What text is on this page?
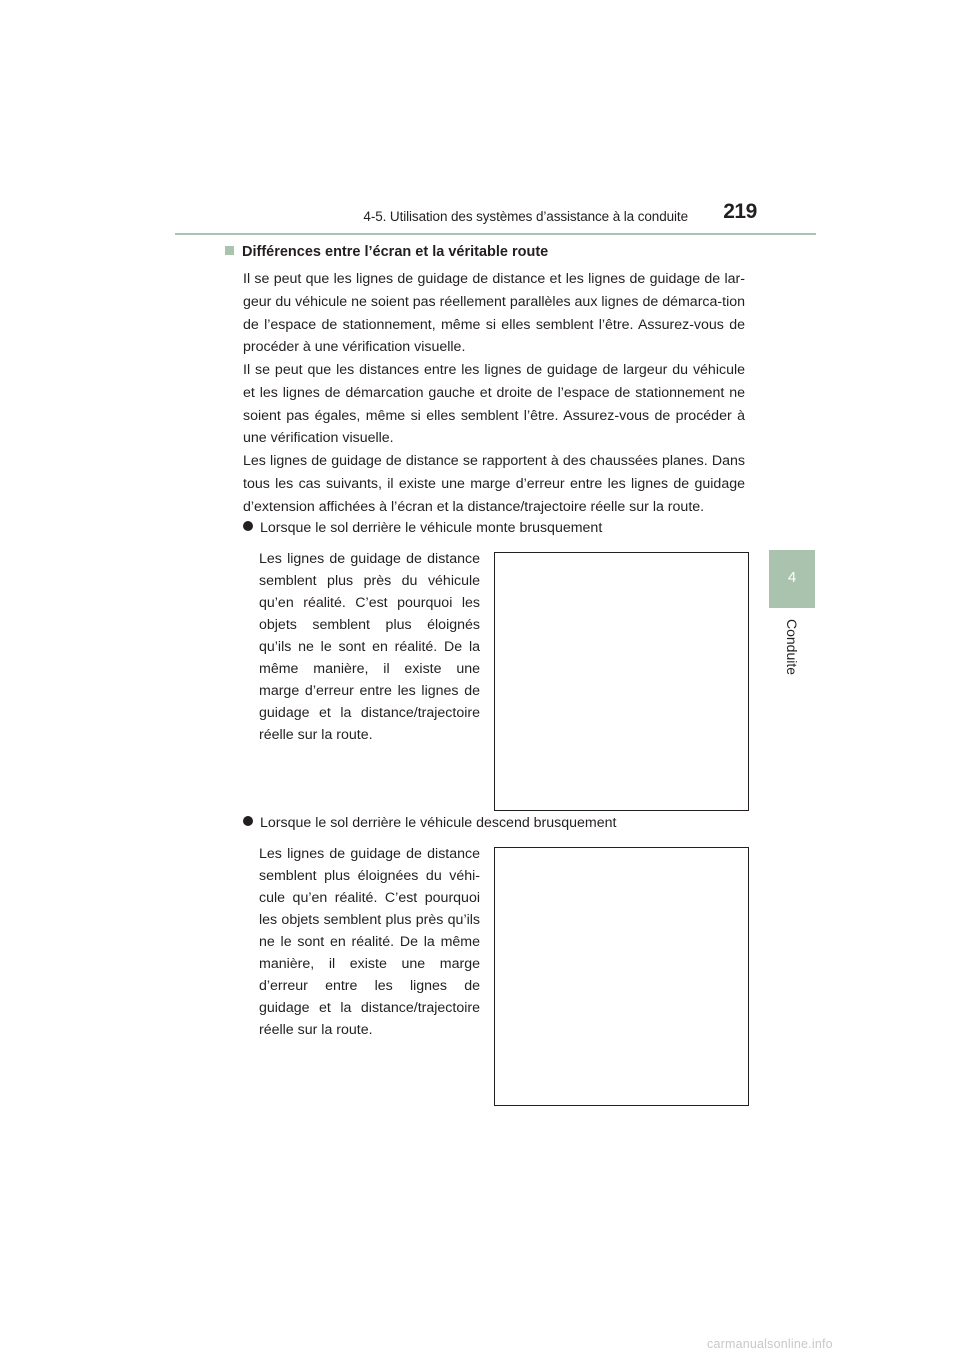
4-5. Utilisation des systèmes d’assistance à la conduite 219
4
Conduite
Différences entre l’écran et la véritable route

Il se peut que les lignes de guidage de distance et les lignes de guidage de lar-geur du véhicule ne soient pas réellement parallèles aux lignes de démarca-tion de l’espace de stationnement, même si elles semblent l’être. Assurez-vous de procéder à une vérification visuelle.

Il se peut que les distances entre les lignes de guidage de largeur du véhicule et les lignes de démarcation gauche et droite de l’espace de stationnement ne soient pas égales, même si elles semblent l’être. Assurez-vous de procéder à une vérification visuelle.

Les lignes de guidage de distance se rapportent à des chaussées planes. Dans tous les cas suivants, il existe une marge d’erreur entre les lignes de guidage d’extension affichées à l’écran et la distance/trajectoire réelle sur la route.

Lorsque le sol derrière le véhicule monte brusquement

Les lignes de guidage de distance semblent plus près du véhicule qu’en réalité. C’est pourquoi les objets semblent plus éloignés qu’ils ne le sont en réalité. De la même manière, il existe une marge d’erreur entre les lignes de guidage et la distance/trajectoire réelle sur la route.

Lorsque le sol derrière le véhicule descend brusquement

Les lignes de guidage de distance semblent plus éloignées du véhi-cule qu’en réalité. C’est pourquoi les objets semblent plus près qu’ils ne le sont en réalité. De la même manière, il existe une marge d’erreur entre les lignes de guidage et la distance/trajectoire réelle sur la route.

carmanualsonline.info
